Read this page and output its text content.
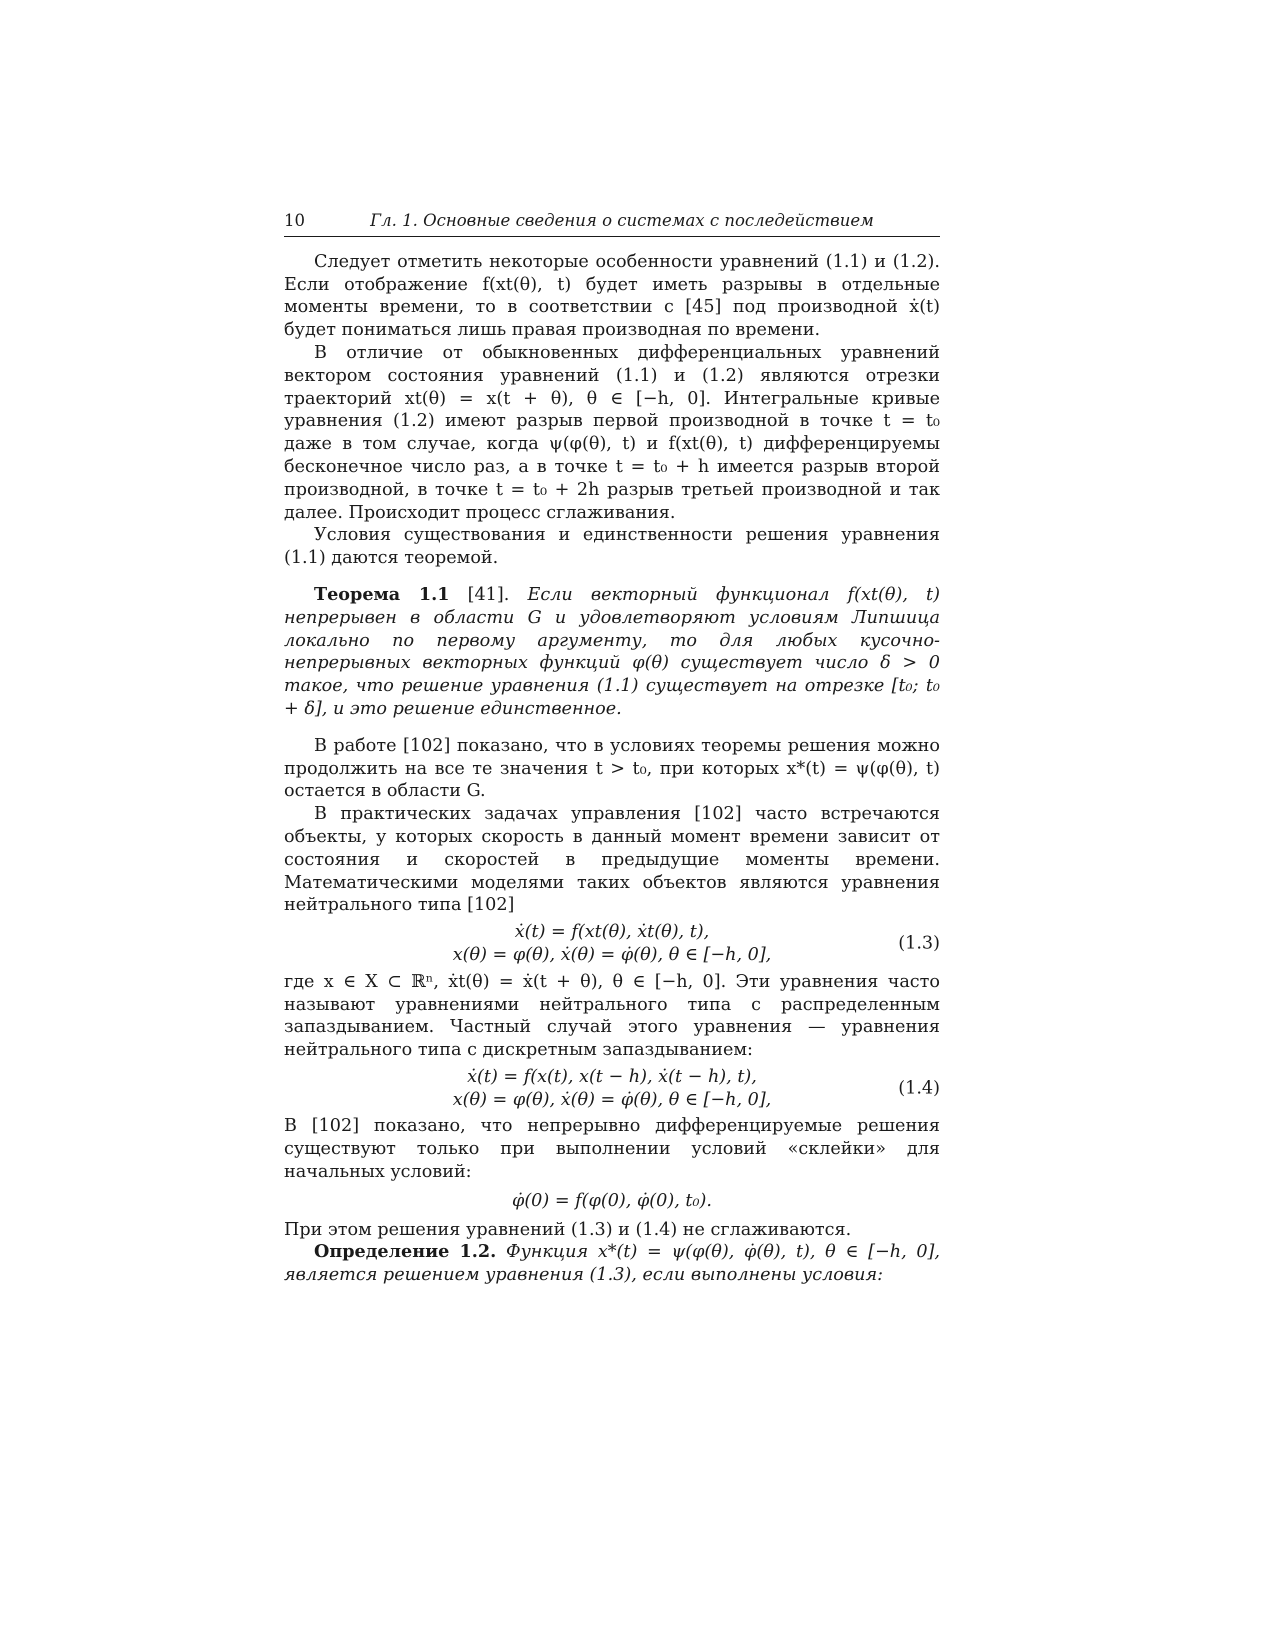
10	Гл. 1. Основные сведения о системах с последействием

Следует отметить некоторые особенности уравнений (1.1) и (1.2). Если отображение f(xt(θ), t) будет иметь разрывы в отдельные моменты времени, то в соответствии с [45] под производной ẋ(t) будет пониматься лишь правая производная по времени.

В отличие от обыкновенных дифференциальных уравнений вектором состояния уравнений (1.1) и (1.2) являются отрезки траекторий xt(θ) = x(t + θ), θ ∈ [−h, 0]. Интегральные кривые уравнения (1.2) имеют разрыв первой производной в точке t = t₀ даже в том случае, когда ψ(φ(θ), t) и f(xt(θ), t) дифференцируемы бесконечное число раз, а в точке t = t₀ + h имеется разрыв второй производной, в точке t = t₀ + 2h разрыв третьей производной и так далее. Происходит процесс сглаживания.

Условия существования и единственности решения уравнения (1.1) даются теоремой.

Теорема 1.1 [41]. Если векторный функционал f(xt(θ), t) непрерывен в области G и удовлетворяют условиям Липшица локально по первому аргументу, то для любых кусочно-непрерывных векторных функций φ(θ) существует число δ > 0 такое, что решение уравнения (1.1) существует на отрезке [t₀; t₀ + δ], и это решение единственное.

В работе [102] показано, что в условиях теоремы решения можно продолжить на все те значения t > t₀, при которых x*(t) = ψ(φ(θ), t) остается в области G.

В практических задачах управления [102] часто встречаются объекты, у которых скорость в данный момент времени зависит от состояния и скоростей в предыдущие моменты времени. Математическими моделями таких объектов являются уравнения нейтрального типа [102]

ẋ(t) = f(xt(θ), ẋt(θ), t),
x(θ) = φ(θ), ẋ(θ) = φ̇(θ), θ ∈ [−h, 0],
(1.3)

где x ∈ X ⊂ ℝⁿ, ẋt(θ) = ẋ(t + θ), θ ∈ [−h, 0]. Эти уравнения часто называют уравнениями нейтрального типа с распределенным запаздыванием. Частный случай этого уравнения — уравнения нейтрального типа с дискретным запаздыванием:

ẋ(t) = f(x(t), x(t − h), ẋ(t − h), t),
x(θ) = φ(θ), ẋ(θ) = φ̇(θ), θ ∈ [−h, 0],
(1.4)

В [102] показано, что непрерывно дифференцируемые решения существуют только при выполнении условий «склейки» для начальных условий:

φ̇(0) = f(φ(0), φ̇(0), t₀).

При этом решения уравнений (1.3) и (1.4) не сглаживаются.

Определение 1.2. Функция x*(t) = ψ(φ(θ), φ̇(θ), t), θ ∈ [−h, 0], является решением уравнения (1.3), если выполнены условия:
